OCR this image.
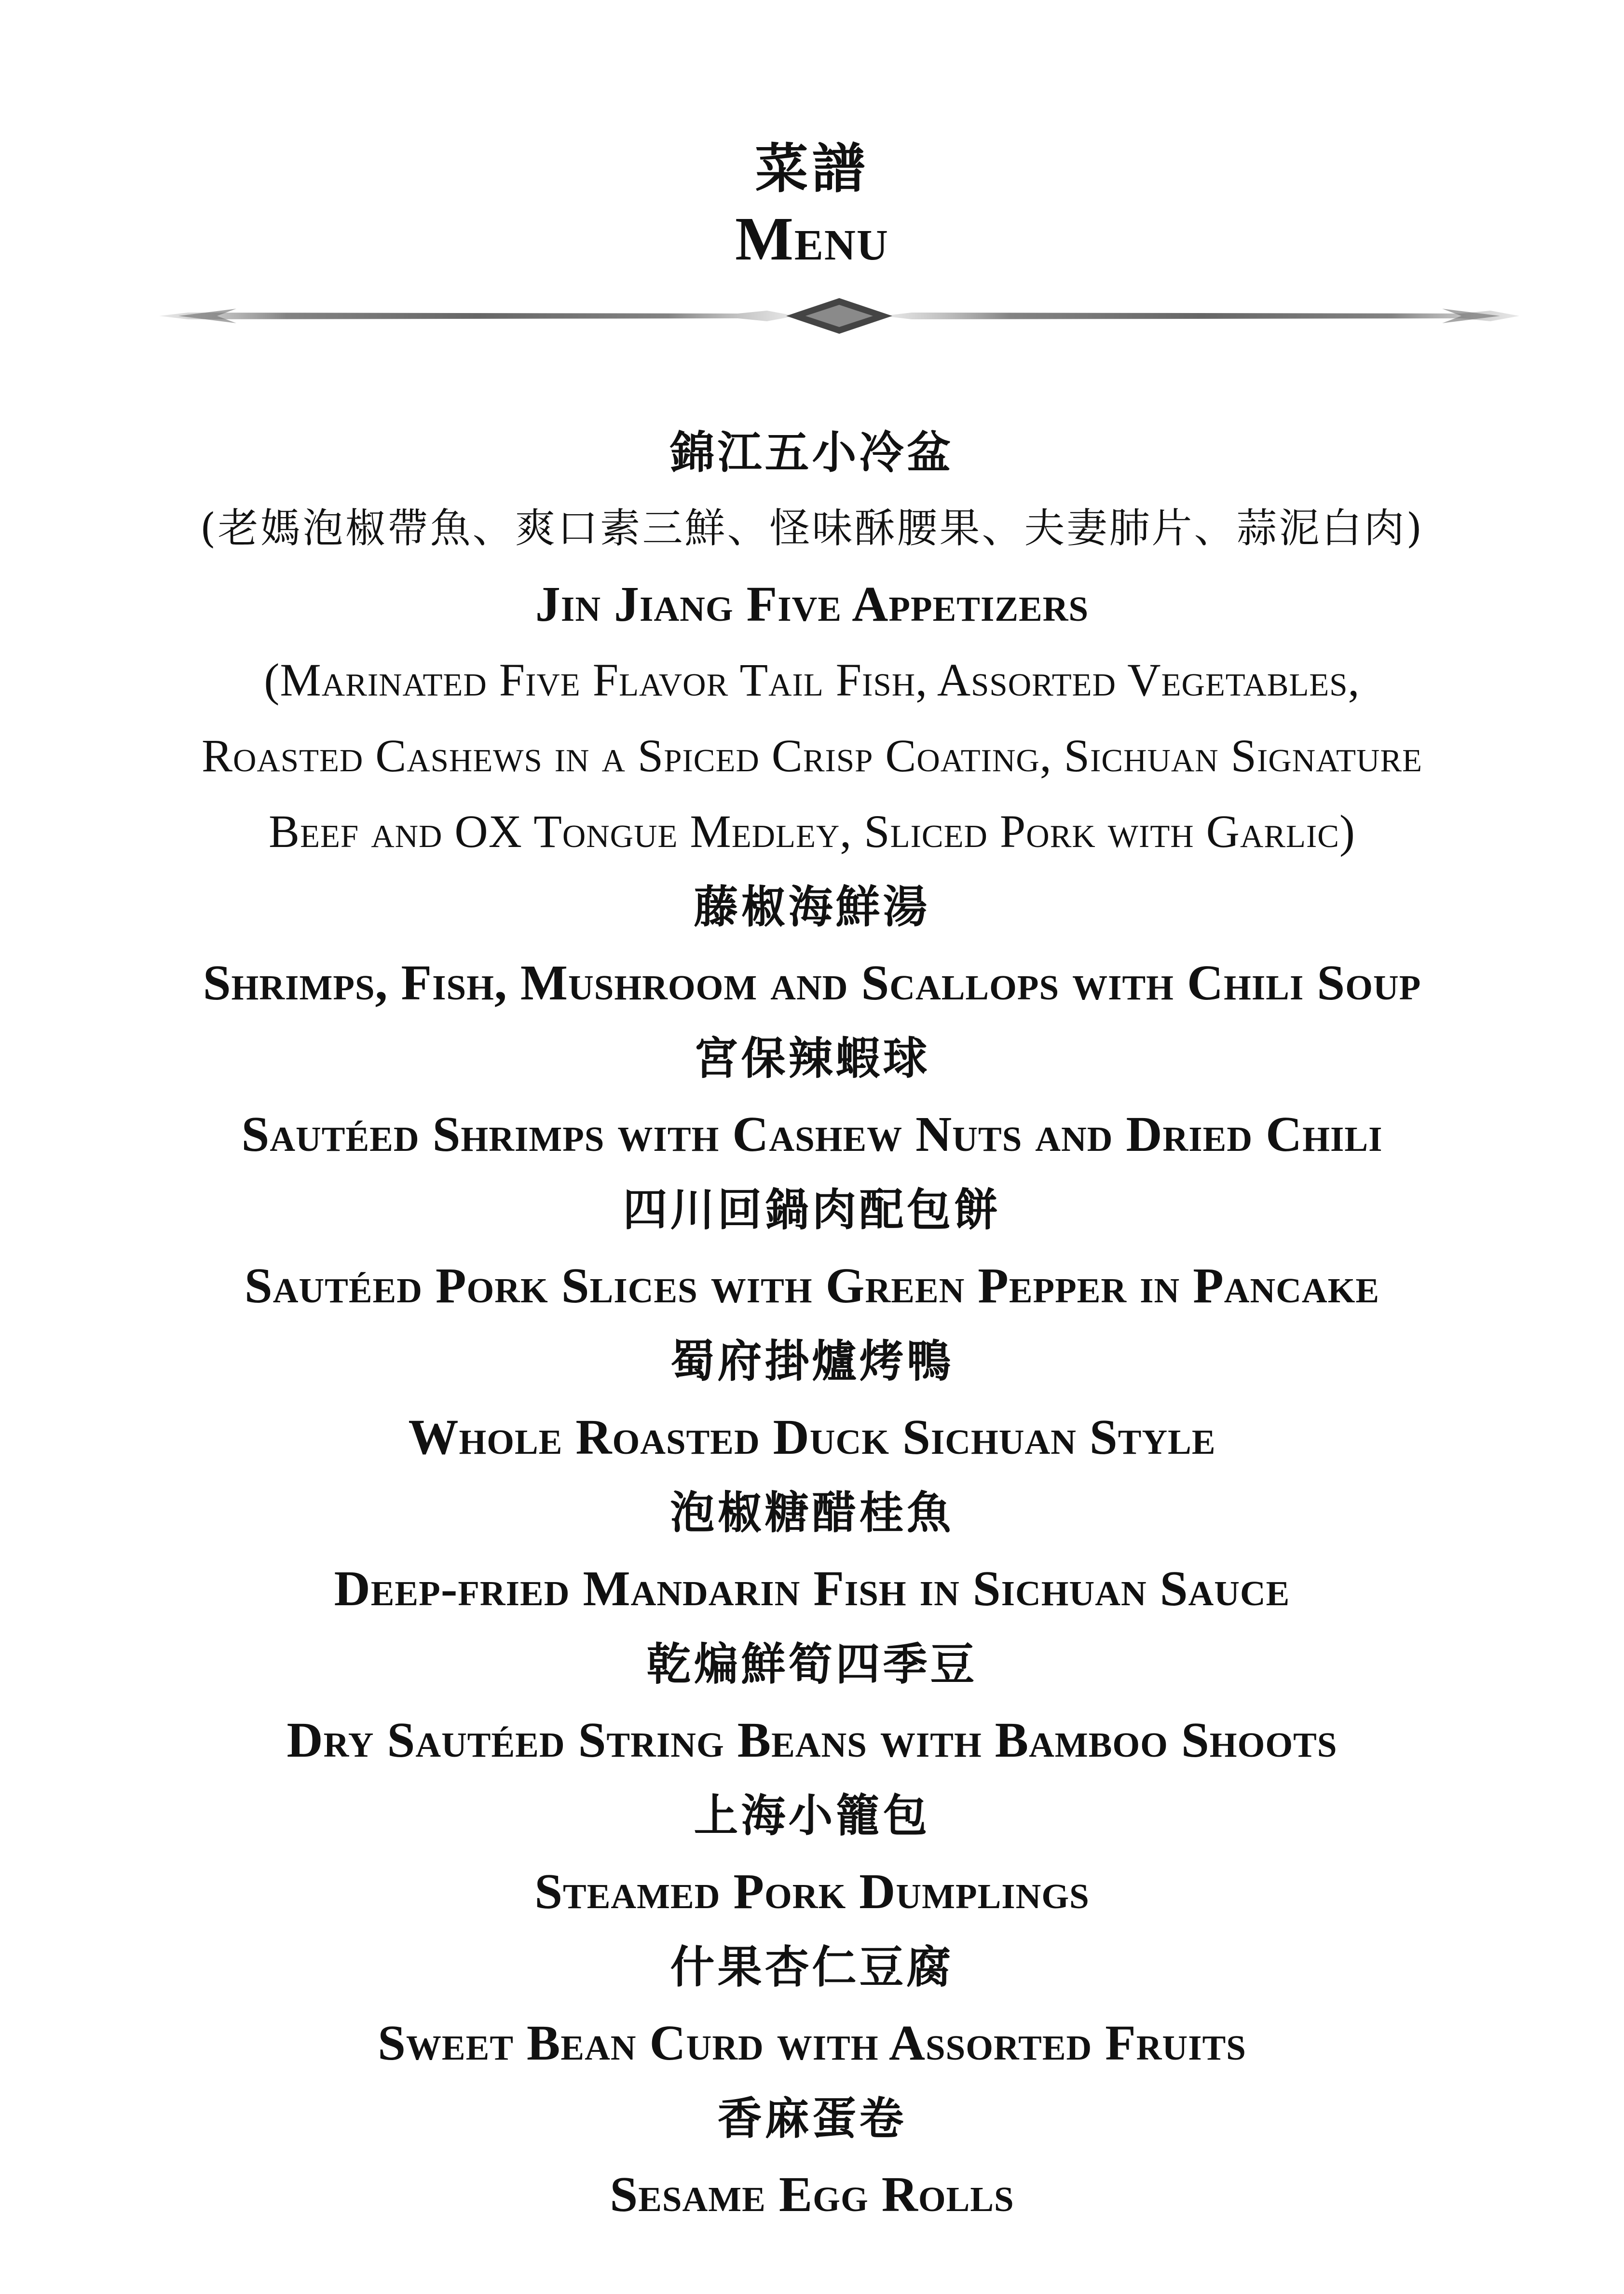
菜譜
Menu
錦江五小冷盆
(老媽泡椒帶魚、爽口素三鮮、怪味酥腰果、夫妻肺片、蒜泥白肉)
Jin Jiang Five Appetizers
(Marinated Five Flavor Tail Fish, Assorted Vegetables,
Roasted Cashews in a Spiced Crisp Coating, Sichuan Signature
Beef and OX Tongue Medley, Sliced Pork with Garlic)
藤椒海鮮湯
Shrimps, Fish, Mushroom and Scallops with Chili Soup
宮保辣蝦球
Sautéed Shrimps with Cashew Nuts and Dried Chili
四川回鍋肉配包餅
Sautéed Pork Slices with Green Pepper in Pancake
蜀府掛爐烤鴨
Whole Roasted Duck Sichuan Style
泡椒糖醋桂魚
Deep-fried Mandarin Fish in Sichuan Sauce
乾煸鮮筍四季豆
Dry Sautéed String Beans with Bamboo Shoots
上海小籠包
Steamed Pork Dumplings
什果杏仁豆腐
Sweet Bean Curd with Assorted Fruits
香麻蛋卷
Sesame Egg Rolls
